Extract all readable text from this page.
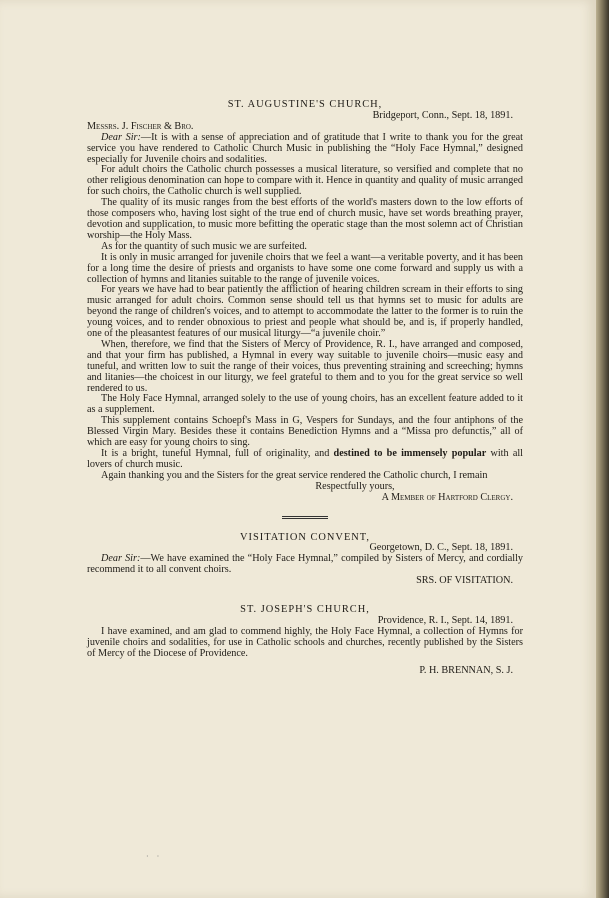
ST. AUGUSTINE'S CHURCH,

Bridgeport, Conn., Sept. 18, 1891.

Messrs. J. Fischer & Bro.

Dear Sir:—It is with a sense of appreciation and of gratitude that I write to thank you for the great service you have rendered to Catholic Church Music in publishing the “Holy Face Hymnal,” designed especially for Juvenile choirs and sodalities.

For adult choirs the Catholic church possesses a musical literature, so versified and complete that no other religious denomination can hope to compare with it. Hence in quantity and quality of music arranged for such choirs, the Catholic church is well supplied.

The quality of its music ranges from the best efforts of the world's masters down to the low efforts of those composers who, having lost sight of the true end of church music, have set words breathing prayer, devotion and supplication, to music more befitting the operatic stage than the most solemn act of Christian worship—the Holy Mass.

As for the quantity of such music we are surfeited.

It is only in music arranged for juvenile choirs that we feel a want—a veritable poverty, and it has been for a long time the desire of priests and organists to have some one come forward and supply us with a collection of hymns and litanies suitable to the range of juvenile voices.

For years we have had to bear patiently the affliction of hearing children scream in their efforts to sing music arranged for adult choirs. Common sense should tell us that hymns set to music for adults are beyond the range of children's voices, and to attempt to accommodate the latter to the former is to ruin the young voices, and to render obnoxious to priest and people what should be, and is, if properly handled, one of the pleasantest features of our musical liturgy—“a juvenile choir.”

When, therefore, we find that the Sisters of Mercy of Providence, R. I., have arranged and composed, and that your firm has published, a Hymnal in every way suitable to juvenile choirs—music easy and tuneful, and written low to suit the range of their voices, thus preventing straining and screeching; hymns and litanies—the choicest in our liturgy, we feel grateful to them and to you for the great service so well rendered to us.

The Holy Face Hymnal, arranged solely to the use of young choirs, has an excellent feature added to it as a supplement.

This supplement contains Schoepf's Mass in G, Vespers for Sundays, and the four antiphons of the Blessed Virgin Mary. Besides these it contains Benediction Hymns and a “Missa pro defunctis,” all of which are easy for young choirs to sing.

It is a bright, tuneful Hymnal, full of originality, and destined to be immensely popular with all lovers of church music.

Again thanking you and the Sisters for the great service rendered the Catholic church, I remain

Respectfully yours,

A Member of Hartford Clergy.

VISITATION CONVENT,

Georgetown, D. C., Sept. 18, 1891.

Dear Sir:—We have examined the “Holy Face Hymnal,” compiled by Sisters of Mercy, and cordially recommend it to all convent choirs.

SRS. OF VISITATION.

ST. JOSEPH'S CHURCH,

Providence, R. I., Sept. 14, 1891.

I have examined, and am glad to commend highly, the Holy Face Hymnal, a collection of Hymns for juvenile choirs and sodalities, for use in Catholic schools and churches, recently published by the Sisters of Mercy of the Diocese of Providence.

P. H. BRENNAN, S. J.

· ·
